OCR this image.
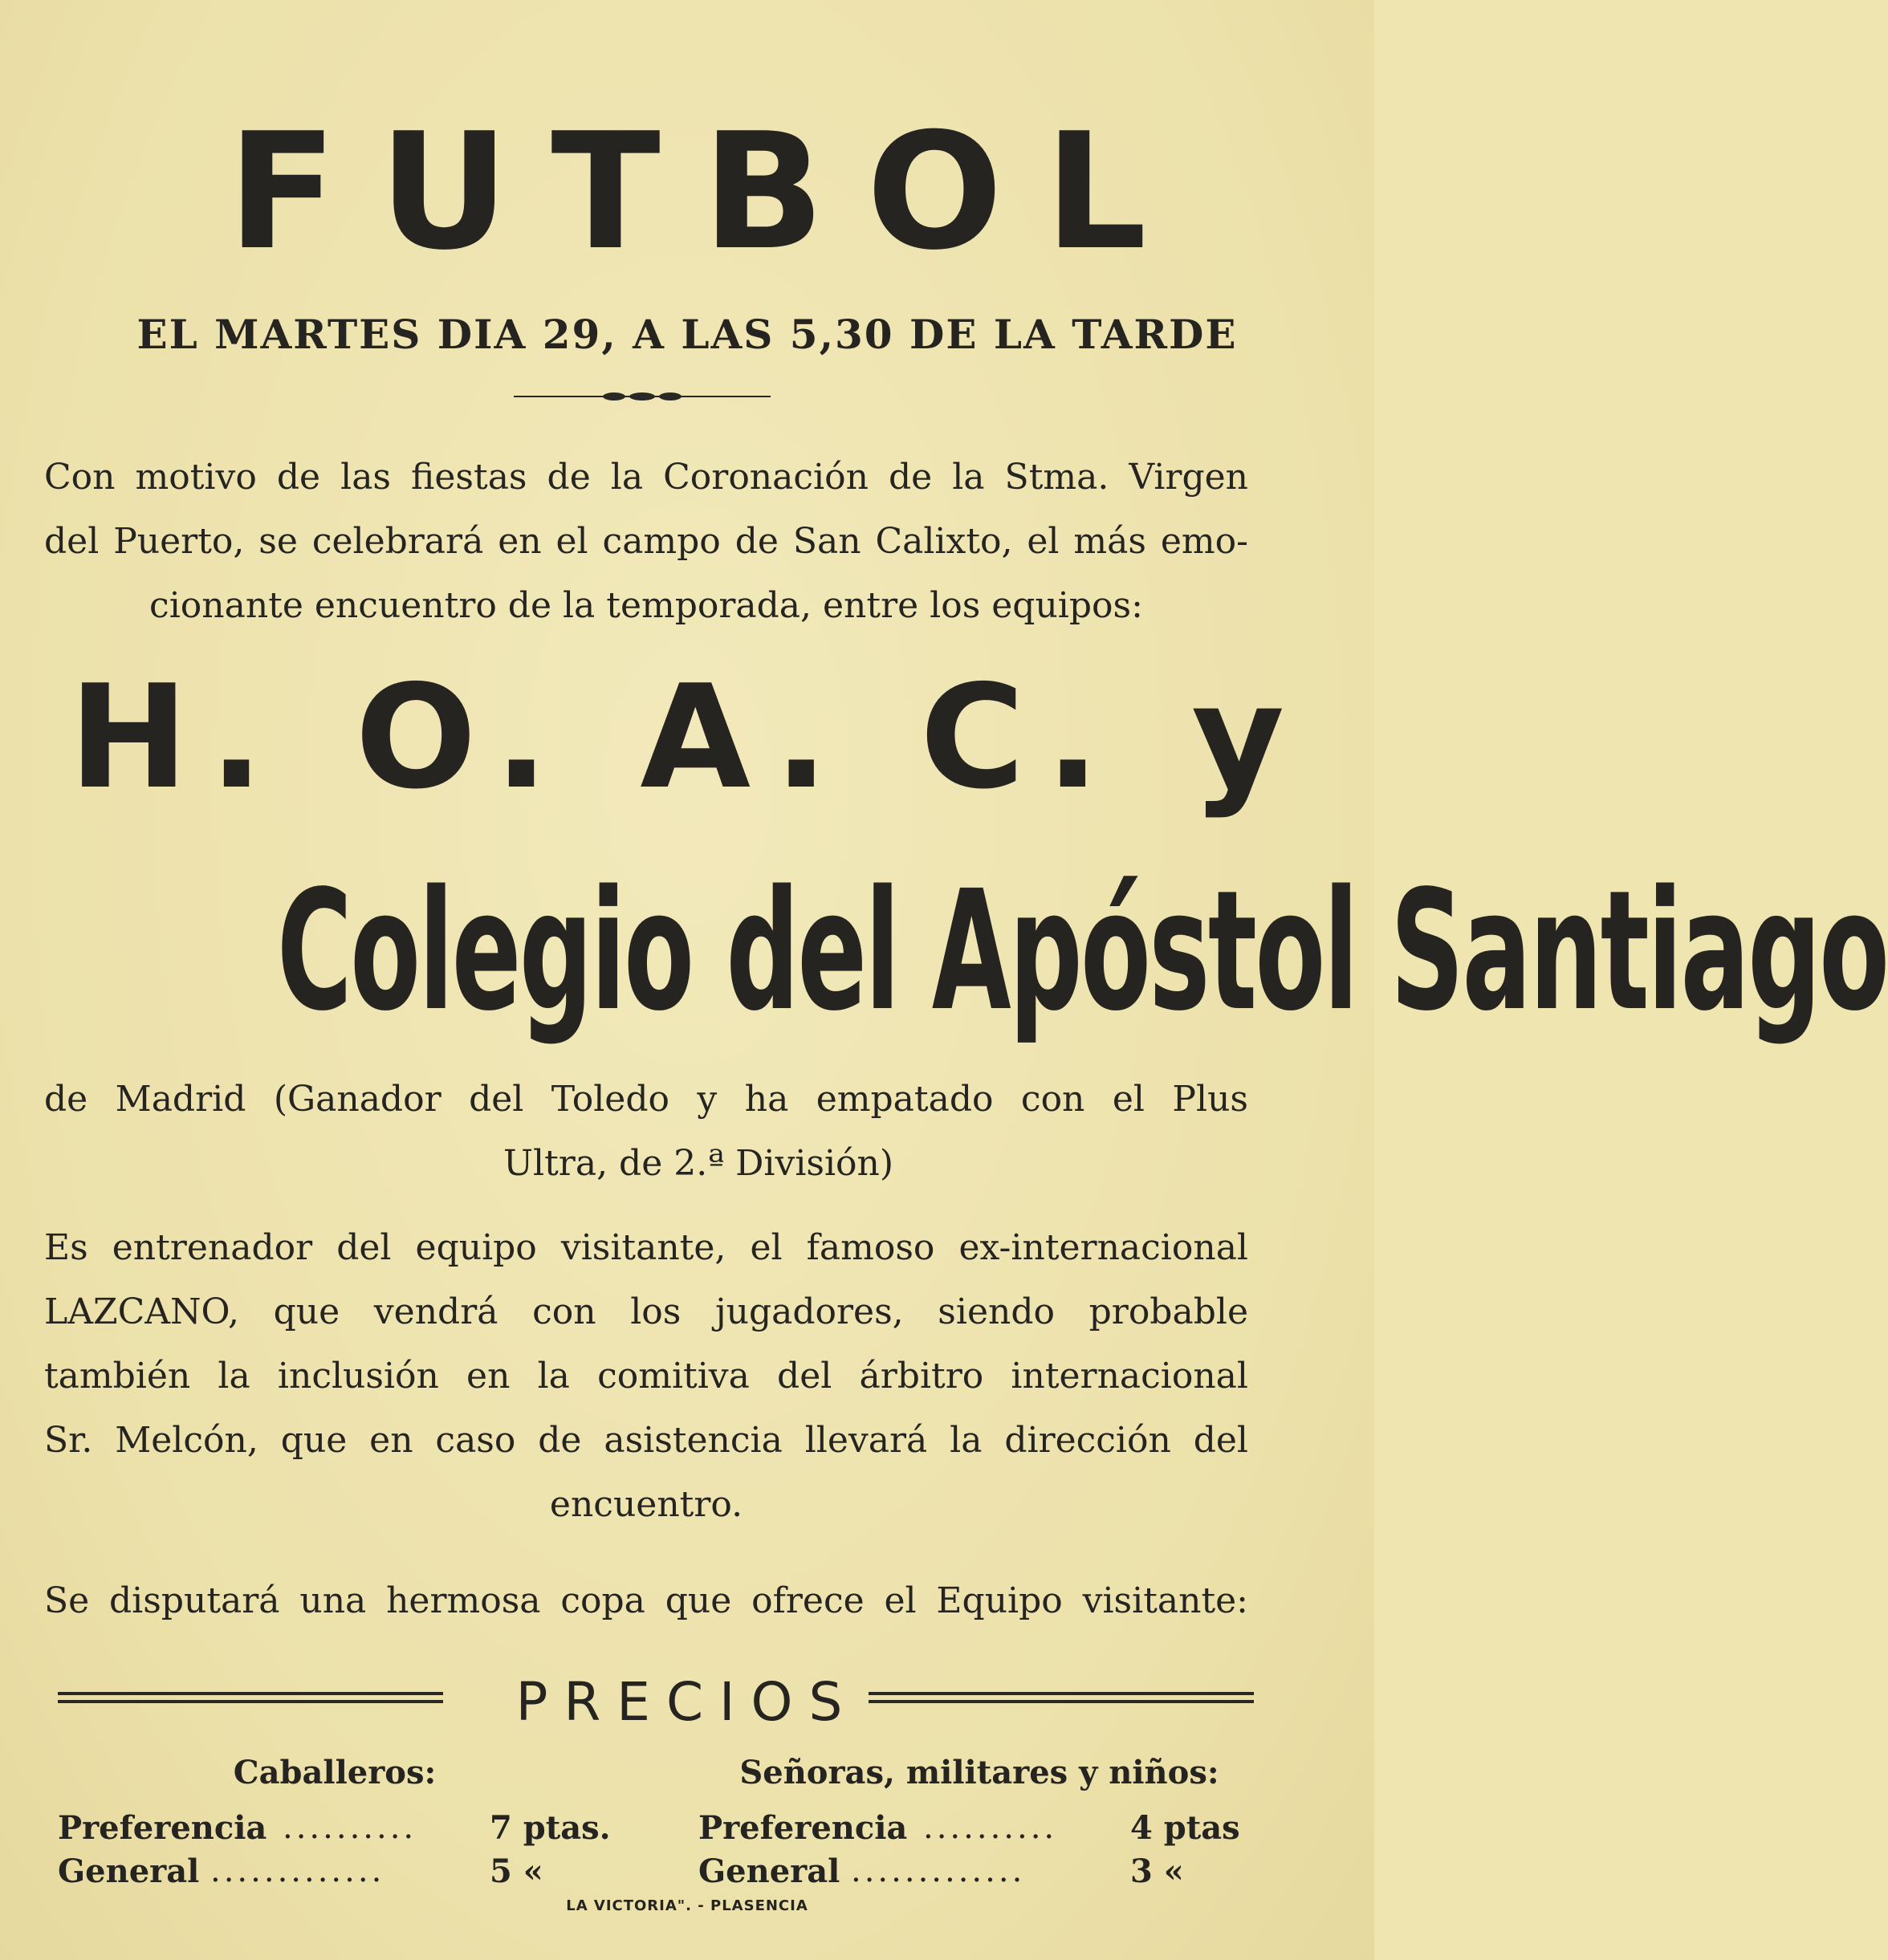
FUTBOL
EL MARTES DIA 29, A LAS 5,30 DE LA TARDE
Con motivo de las fiestas de la Coronación de la Stma. Virgen
del Puerto, se celebrará en el campo de San Calixto, el más emo-
cionante encuentro de la temporada, entre los equipos:
H. O. A. C. y
Colegio del Apóstol Santiago
de Madrid (Ganador del Toledo y ha empatado con el Plus
Ultra, de 2.ª División)
Es entrenador del equipo visitante, el famoso ex-internacional
LAZCANO, que vendrá con los jugadores, siendo probable
también la inclusión en la comitiva del árbitro internacional
Sr. Melcón, que en caso de asistencia llevará la dirección del
encuentro.
Se disputará una hermosa copa que ofrece el Equipo visitante:
PRECIOS
Caballeros:
Preferencia .......... 7 ptas.
General .............	5 «
Señoras, militares y niños:
Preferencia .......... 4 ptas
General .............	3 «
LA VICTORIA". - PLASENCIA
